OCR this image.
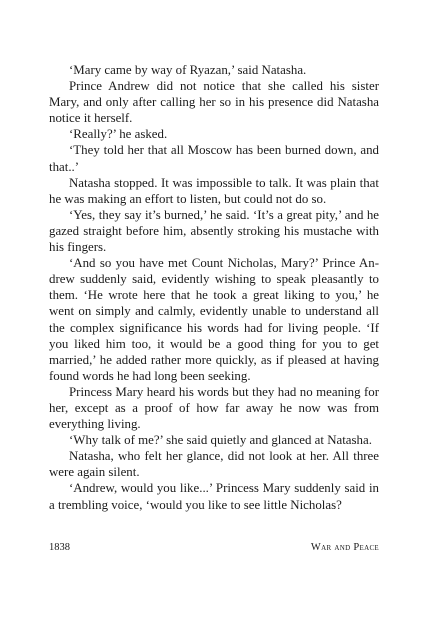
‘Mary came by way of Ryazan,’ said Natasha.

Prince Andrew did not notice that she called his sister Mary, and only after calling her so in his presence did Natasha notice it herself.

‘Really?’ he asked.

‘They told her that all Moscow has been burned down, and that..’

Natasha stopped. It was impossible to talk. It was plain that he was making an effort to listen, but could not do so.

‘Yes, they say it’s burned,’ he said. ‘It’s a great pity,’ and he gazed straight before him, absently stroking his mustache with his fingers.

‘And so you have met Count Nicholas, Mary?’ Prince Andrew suddenly said, evidently wishing to speak pleasantly to them. ‘He wrote here that he took a great liking to you,’ he went on simply and calmly, evidently unable to understand all the complex significance his words had for living people. ‘If you liked him too, it would be a good thing for you to get married,’ he added rather more quickly, as if pleased at having found words he had long been seeking.

Princess Mary heard his words but they had no meaning for her, except as a proof of how far away he now was from everything living.

‘Why talk of me?’ she said quietly and glanced at Natasha.

Natasha, who felt her glance, did not look at her. All three were again silent.

‘Andrew, would you like...’ Princess Mary suddenly said in a trembling voice, ‘would you like to see little Nicholas?

1838	War and Peace
